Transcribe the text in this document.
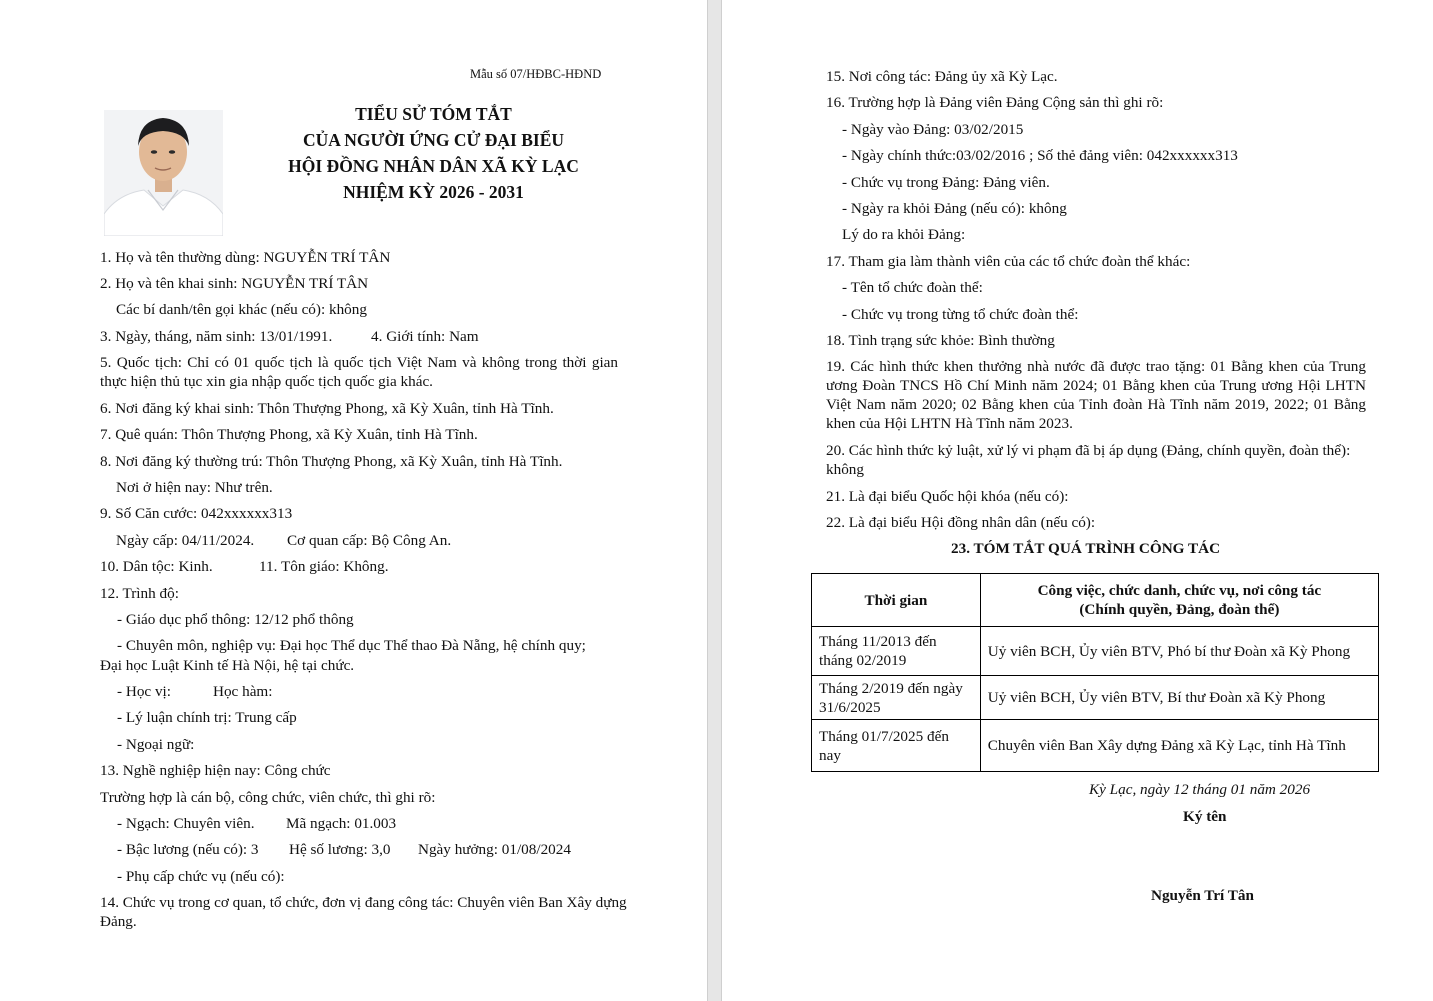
Mẫu số 07/HĐBC-HĐND
TIỂU SỬ TÓM TẮT
CỦA NGƯỜI ỨNG CỬ ĐẠI BIỂU
HỘI ĐỒNG NHÂN DÂN XÃ KỲ LẠC
NHIỆM KỲ 2026 - 2031
1. Họ và tên thường dùng: NGUYỄN TRÍ TÂN
2. Họ và tên khai sinh: NGUYỄN TRÍ TÂN
Các bí danh/tên gọi khác (nếu có): không
3. Ngày, tháng, năm sinh: 13/01/1991.	4. Giới tính: Nam
5. Quốc tịch: Chỉ có 01 quốc tịch là quốc tịch Việt Nam và không trong thời gian thực hiện thủ tục xin gia nhập quốc tịch quốc gia khác.
6. Nơi đăng ký khai sinh: Thôn Thượng Phong, xã Kỳ Xuân, tỉnh Hà Tĩnh.
7. Quê quán: Thôn Thượng Phong, xã Kỳ Xuân, tỉnh Hà Tĩnh.
8. Nơi đăng ký thường trú: Thôn Thượng Phong, xã Kỳ Xuân, tỉnh Hà Tĩnh.
Nơi ở hiện nay: Như trên.
9. Số Căn cước: 042xxxxxx313
Ngày cấp: 04/11/2024. Cơ quan cấp: Bộ Công An.
10. Dân tộc: Kinh.	11. Tôn giáo: Không.
12. Trình độ:
- Giáo dục phổ thông: 12/12 phổ thông
- Chuyên môn, nghiệp vụ: Đại học Thể dục Thể thao Đà Nẵng, hệ chính quy;
Đại học Luật Kinh tế Hà Nội, hệ tại chức.
- Học vị:	Học hàm:
- Lý luận chính trị: Trung cấp
- Ngoại ngữ:
13. Nghề nghiệp hiện nay: Công chức
Trường hợp là cán bộ, công chức, viên chức, thì ghi rõ:
- Ngạch: Chuyên viên. Mã ngạch: 01.003
- Bậc lương (nếu có): 3 Hệ số lương: 3,0 Ngày hưởng: 01/08/2024
- Phụ cấp chức vụ (nếu có):
14. Chức vụ trong cơ quan, tổ chức, đơn vị đang công tác: Chuyên viên Ban Xây dựng Đảng.
15. Nơi công tác: Đảng ủy xã Kỳ Lạc.
16. Trường hợp là Đảng viên Đảng Cộng sản thì ghi rõ:
- Ngày vào Đảng: 03/02/2015
- Ngày chính thức:03/02/2016 ; Số thẻ đảng viên: 042xxxxxx313
- Chức vụ trong Đảng: Đảng viên.
- Ngày ra khỏi Đảng (nếu có): không
Lý do ra khỏi Đảng:
17. Tham gia làm thành viên của các tổ chức đoàn thể khác:
- Tên tổ chức đoàn thể:
- Chức vụ trong từng tổ chức đoàn thể:
18. Tình trạng sức khỏe: Bình thường
19. Các hình thức khen thưởng nhà nước đã được trao tặng: 01 Bằng khen của Trung ương Đoàn TNCS Hồ Chí Minh năm 2024; 01 Bằng khen của Trung ương Hội LHTN Việt Nam năm 2020; 02 Bằng khen của Tỉnh đoàn Hà Tĩnh năm 2019, 2022; 01 Bằng khen của Hội LHTN Hà Tĩnh năm 2023.
20. Các hình thức kỷ luật, xử lý vi phạm đã bị áp dụng (Đảng, chính quyền, đoàn thể): không
21. Là đại biểu Quốc hội khóa (nếu có):
22. Là đại biểu Hội đồng nhân dân (nếu có):
23. TÓM TẮT QUÁ TRÌNH CÔNG TÁC
Thời gian	Công việc, chức danh, chức vụ, nơi công tác
(Chính quyền, Đảng, đoàn thể)

Tháng 11/2013 đến tháng 02/2019	Uỷ viên BCH, Ủy viên BTV, Phó bí thư Đoàn xã Kỳ Phong
Tháng 2/2019 đến ngày 31/6/2025	Uỷ viên BCH, Ủy viên BTV, Bí thư Đoàn xã Kỳ Phong
Tháng 01/7/2025 đến nay	Chuyên viên Ban Xây dựng Đảng xã Kỳ Lạc, tỉnh Hà Tĩnh
Kỳ Lạc, ngày 12 tháng 01 năm 2026
Ký tên
Nguyễn Trí Tân
